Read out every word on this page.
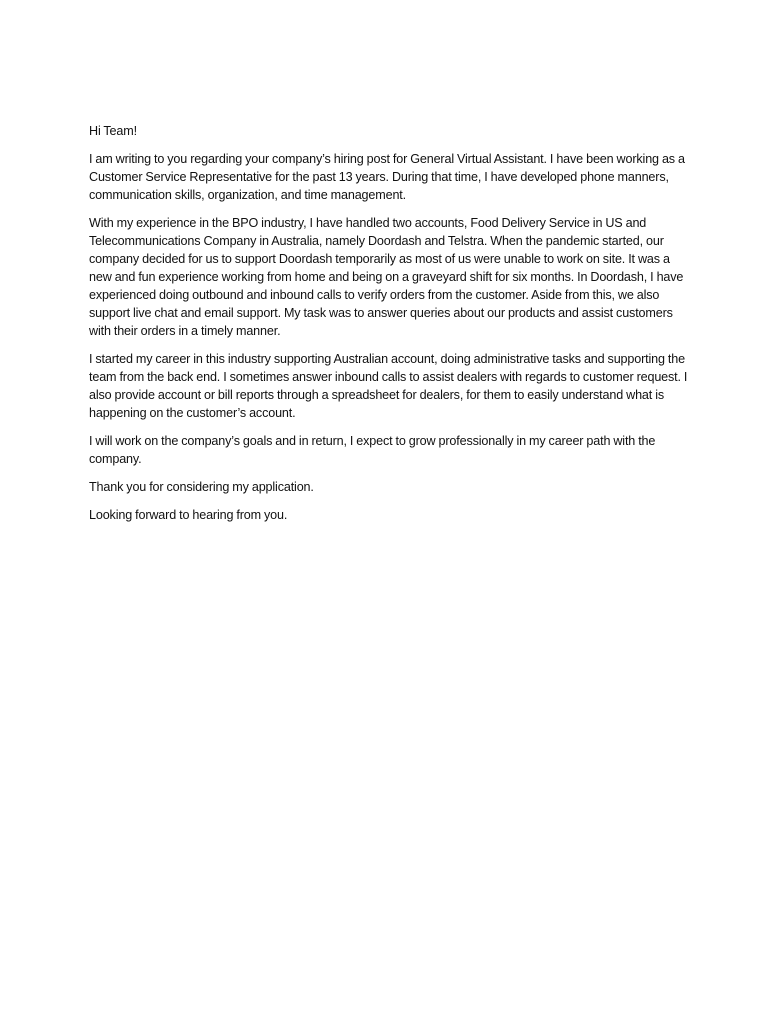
Hi Team!

I am writing to you regarding your company’s hiring post for General Virtual Assistant. I have been working as a Customer Service Representative for the past 13 years. During that time, I have developed phone manners, communication skills, organization, and time management.

With my experience in the BPO industry, I have handled two accounts, Food Delivery Service in US and Telecommunications Company in Australia, namely Doordash and Telstra. When the pandemic started, our company decided for us to support Doordash temporarily as most of us were unable to work on site. It was a new and fun experience working from home and being on a graveyard shift for six months. In Doordash, I have experienced doing outbound and inbound calls to verify orders from the customer. Aside from this, we also support live chat and email support. My task was to answer queries about our products and assist customers with their orders in a timely manner.

I started my career in this industry supporting Australian account, doing administrative tasks and supporting the team from the back end. I sometimes answer inbound calls to assist dealers with regards to customer request. I also provide account or bill reports through a spreadsheet for dealers, for them to easily understand what is happening on the customer’s account.

I will work on the company’s goals and in return, I expect to grow professionally in my career path with the company.

Thank you for considering my application.

Looking forward to hearing from you.
